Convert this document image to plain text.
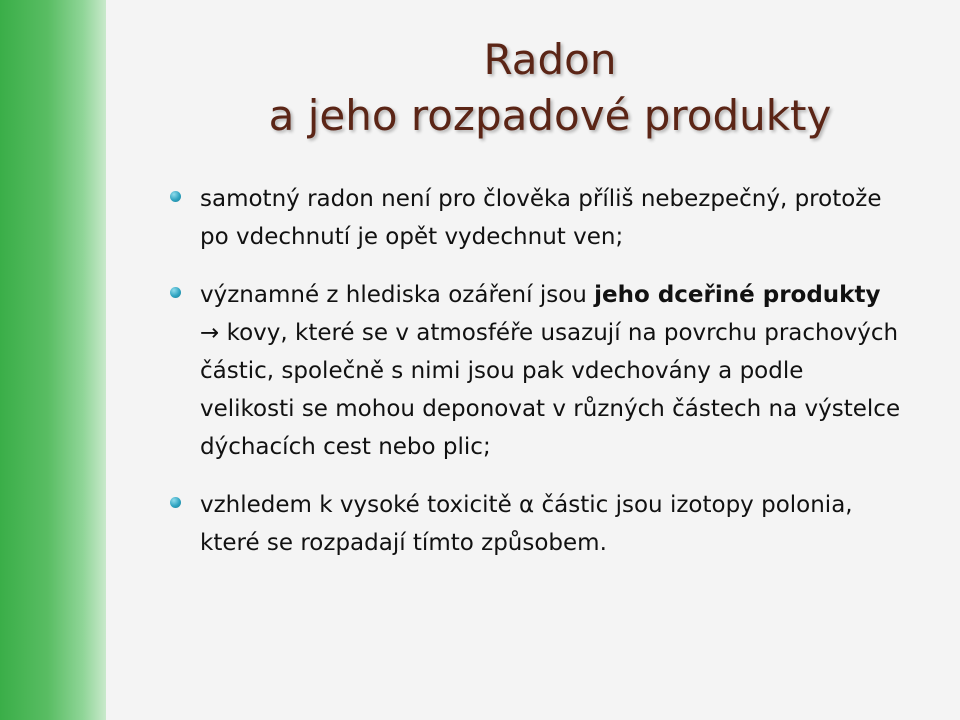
Radon
a jeho rozpadové produkty
samotný radon není pro člověka příliš nebezpečný, protože po vdechnutí je opět vydechnut ven;
významné z hlediska ozáření jsou jeho dceřiné produkty → kovy, které se v atmosféře usazují na povrchu prachových částic, společně s nimi jsou pak vdechovány a podle velikosti se mohou deponovat v různých částech na výstelce dýchacích cest nebo plic;
vzhledem k vysoké toxicitě α částic jsou izotopy polonia, které se rozpadají tímto způsobem.
